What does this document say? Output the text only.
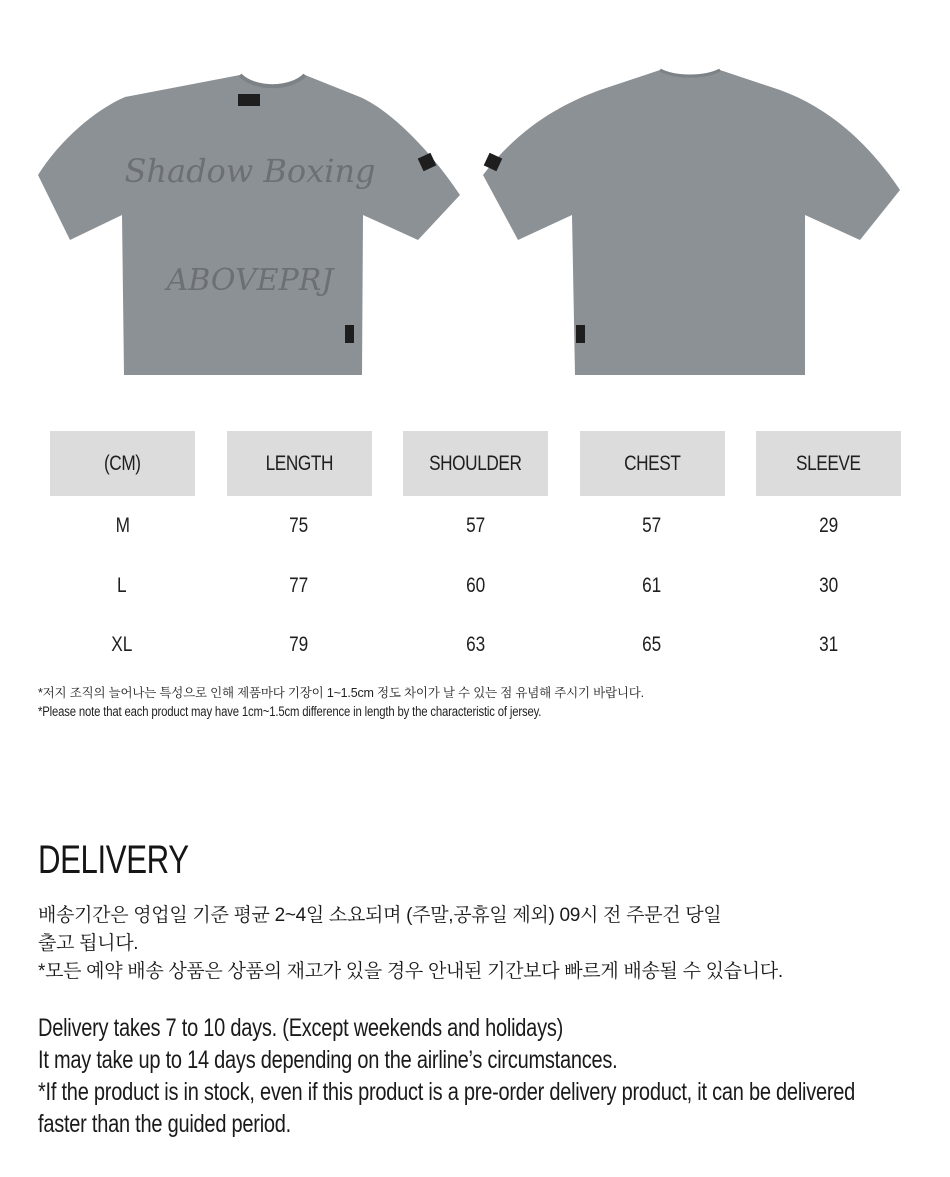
Shadow Boxing
ABOVEPRJ
(CM)	LENGTH	SHOULDER	CHEST	SLEEVE
M	75	57	57	29
L	77	60	61	30
XL	79	63	65	31
*저지 조직의 늘어나는 특성으로 인해 제품마다 기장이 1~1.5cm 정도 차이가 날 수 있는 점 유념해 주시기 바랍니다.
*Please note that each product may have 1cm~1.5cm difference in length by the characteristic of jersey.
DELIVERY
배송기간은 영업일 기준 평균 2~4일 소요되며 (주말,공휴일 제외) 09시 전 주문건 당일
출고 됩니다.
*모든 예약 배송 상품은 상품의 재고가 있을 경우 안내된 기간보다 빠르게 배송될 수 있습니다.
Delivery takes 7 to 10 days. (Except weekends and holidays)
It may take up to 14 days depending on the airline’s circumstances.
*If the product is in stock, even if this product is a pre-order delivery product, it can be delivered
faster than the guided period.
